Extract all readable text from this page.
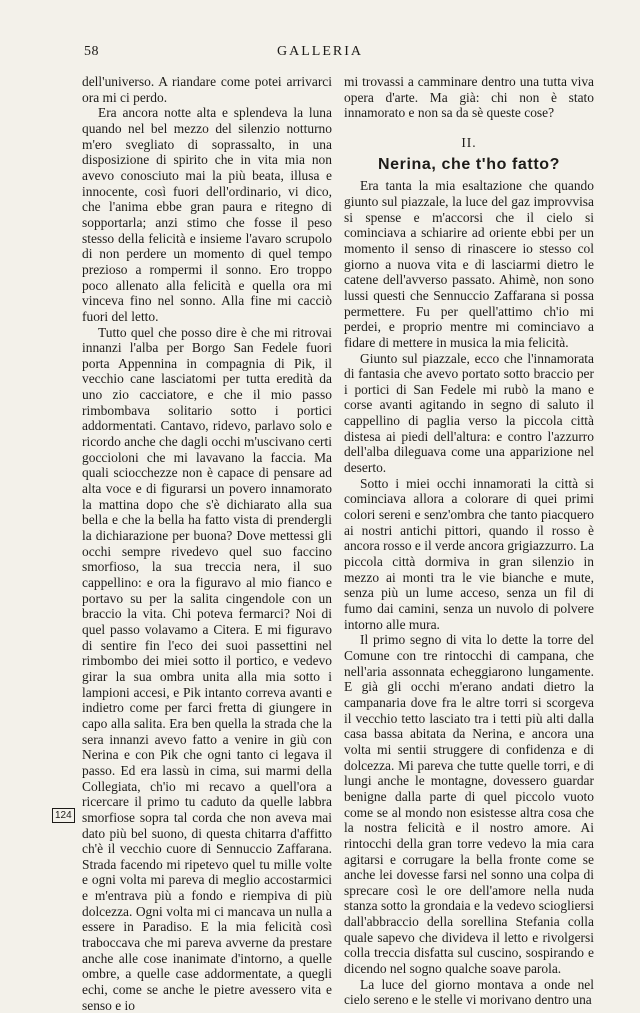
58	GALLERIA

dell'universo. A riandare come potei arrivarci ora mi ci perdo.

Era ancora notte alta e splendeva la luna quando nel bel mezzo del silenzio notturno m'ero svegliato di soprassalto, in una disposizione di spirito che in vita mia non avevo conosciuto mai la più beata, illusa e innocente, così fuori dell'ordinario, vi dico, che l'anima ebbe gran paura e ritegno di sopportarla; anzi stimo che fosse il peso stesso della felicità e insieme l'avaro scrupolo di non perdere un momento di quel tempo prezioso a rompermi il sonno. Ero troppo poco allenato alla felicità e quella ora mi vinceva fino nel sonno. Alla fine mi cacciò fuori del letto.

Tutto quel che posso dire è che mi ritrovai innanzi l'alba per Borgo San Fedele fuori porta Appennina in compagnia di Pik, il vecchio cane lasciatomi per tutta eredità da uno zio cacciatore, e che il mio passo rimbombava solitario sotto i portici addormentati. Cantavo, ridevo, parlavo solo e ricordo anche che dagli occhi m'uscivano certi goccioloni che mi lavavano la faccia. Ma quali sciocchezze non è capace di pensare ad alta voce e di figurarsi un povero innamorato la mattina dopo che s'è dichiarato alla sua bella e che la bella ha fatto vista di prendergli la dichiarazione per buona? Dove mettessi gli occhi sempre rivedevo quel suo faccino smorfioso, la sua treccia nera, il suo cappellino: e ora la figuravo al mio fianco e portavo su per la salita cingendole con un braccio la vita. Chi poteva fermarci? Noi di quel passo volavamo a Citera. E mi figuravo di sentire fin l'eco dei suoi passettini nel rimbombo dei miei sotto il portico, e vedevo girar la sua ombra unita alla mia sotto i lampioni accesi, e Pik intanto correva avanti e indietro come per farci fretta di giungere in capo alla salita. Era ben quella la strada che la sera innanzi avevo fatto a venire in giù con Nerina e con Pik che ogni tanto ci legava il passo. Ed era lassù in cima, sui marmi della Collegiata, ch'io mi recavo a quell'ora a ricercare il primo tu caduto da quelle labbra smorfiose sopra tal corda che non aveva mai dato più bel suono, di questa chitarra d'affitto ch'è il vecchio cuore di Sennuccio Zaffarana. Strada facendo mi ripetevo quel tu mille volte e ogni volta mi pareva di meglio accostarmici e m'entrava più a fondo e riempiva di più dolcezza. Ogni volta mi ci mancava un nulla a essere in Paradiso. E la mia felicità così traboccava che mi pareva avverne da prestare anche alle cose inanimate d'intorno, a quelle ombre, a quelle case addormentate, a quegli echi, come se anche le pietre avessero vita e senso e io

mi trovassi a camminare dentro una tutta viva opera d'arte. Ma già: chi non è stato innamorato e non sa da sè queste cose?

II.
Nerina, che t'ho fatto?

Era tanta la mia esaltazione che quando giunto sul piazzale, la luce del gaz improvvisa si spense e m'accorsi che il cielo si cominciava a schiarire ad oriente ebbi per un momento il senso di rinascere io stesso col giorno a nuova vita e di lasciarmi dietro le catene dell'avverso passato. Ahimè, non sono lussi questi che Sennuccio Zaffarana si possa permettere. Fu per quell'attimo ch'io mi perdei, e proprio mentre mi cominciavo a fidare di mettere in musica la mia felicità.

Giunto sul piazzale, ecco che l'innamorata di fantasia che avevo portato sotto braccio per i portici di San Fedele mi rubò la mano e corse avanti agitando in segno di saluto il cappellino di paglia verso la piccola città distesa ai piedi dell'altura: e contro l'azzurro dell'alba dileguava come una apparizione nel deserto.

Sotto i miei occhi innamorati la città si cominciava allora a colorare di quei primi colori sereni e senz'ombra che tanto piacquero ai nostri antichi pittori, quando il rosso è ancora rosso e il verde ancora grigiazzurro. La piccola città dormiva in gran silenzio in mezzo ai monti tra le vie bianche e mute, senza più un lume acceso, senza un fil di fumo dai camini, senza un nuvolo di polvere intorno alle mura.

Il primo segno di vita lo dette la torre del Comune con tre rintocchi di campana, che nell'aria assonnata echeggiarono lungamente. E già gli occhi m'erano andati dietro la campanaria dove fra le altre torri si scorgeva il vecchio tetto lasciato tra i tetti più alti dalla casa bassa abitata da Nerina, e ancora una volta mi sentii struggere di confidenza e di dolcezza. Mi pareva che tutte quelle torri, e di lungi anche le montagne, dovessero guardar benigne dalla parte di quel piccolo vuoto come se al mondo non esistesse altra cosa che la nostra felicità e il nostro amore. Ai rintocchi della gran torre vedevo la mia cara agitarsi e corrugare la bella fronte come se anche lei dovesse farsi nel sonno una colpa di sprecare così le ore dell'amore nella nuda stanza sotto la grondaia e la vedevo sciogliersi dall'abbraccio della sorellina Stefania colla quale sapevo che divideva il letto e rivolgersi colla treccia disfatta sul cuscino, sospirando e dicendo nel sogno qualche soave parola.

La luce del giorno montava a onde nel cielo sereno e le stelle vi morivano dentro una

124
